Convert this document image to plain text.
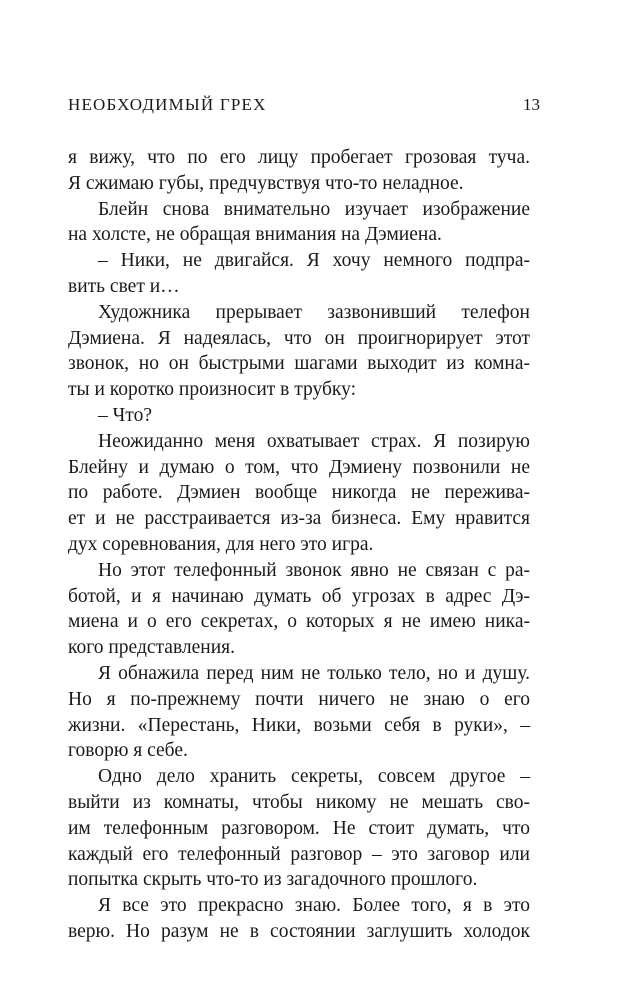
НЕОБХОДИМЫЙ ГРЕХ	13
я вижу, что по его лицу пробегает грозовая туча.
Я сжимаю губы, предчувствуя что-то неладное.
Блейн снова внимательно изучает изображение
на холсте, не обращая внимания на Дэмиена.
– Ники, не двигайся. Я хочу немного подпра-
вить свет и…
Художника прерывает зазвонивший телефон
Дэмиена. Я надеялась, что он проигнорирует этот
звонок, но он быстрыми шагами выходит из комна-
ты и коротко произносит в трубку:
– Что?
Неожиданно меня охватывает страх. Я позирую
Блейну и думаю о том, что Дэмиену позвонили не
по работе. Дэмиен вообще никогда не пережива-
ет и не расстраивается из-за бизнеса. Ему нравится
дух соревнования, для него это игра.
Но этот телефонный звонок явно не связан с ра-
ботой, и я начинаю думать об угрозах в адрес Дэ-
миена и о его секретах, о которых я не имею ника-
кого представления.
Я обнажила перед ним не только тело, но и душу.
Но я по-прежнему почти ничего не знаю о его
жизни. «Перестань, Ники, возьми себя в руки», –
говорю я себе.
Одно дело хранить секреты, совсем другое –
выйти из комнаты, чтобы никому не мешать сво-
им телефонным разговором. Не стоит думать, что
каждый его телефонный разговор – это заговор или
попытка скрыть что-то из загадочного прошлого.
Я все это прекрасно знаю. Более того, я в это
верю. Но разум не в состоянии заглушить холодок
